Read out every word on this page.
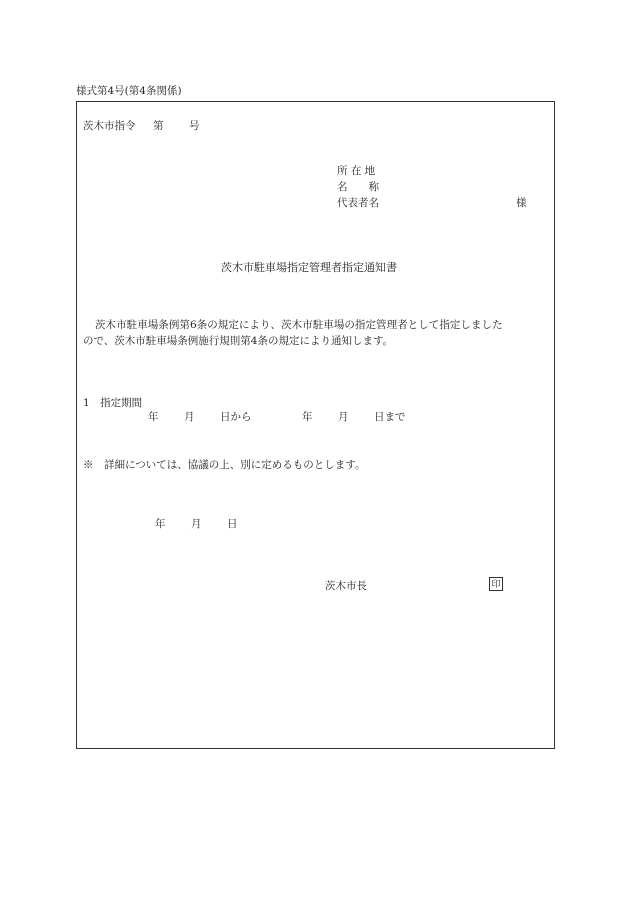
様式第4号(第4条関係)
茨木市指令 第 号
所 在 地
名　　称
代表者名	様
茨木市駐車場指定管理者指定通知書
茨木市駐車場条例第6条の規定により、茨木市駐車場の指定管理者として指定しました
ので、茨木市駐車場条例施行規則第4条の規定により通知します。
1　指定期間
年 月 日から	年 月 日まで
※　詳細については、協議の上、別に定めるものとします。
年 月 日
茨木市長	印
